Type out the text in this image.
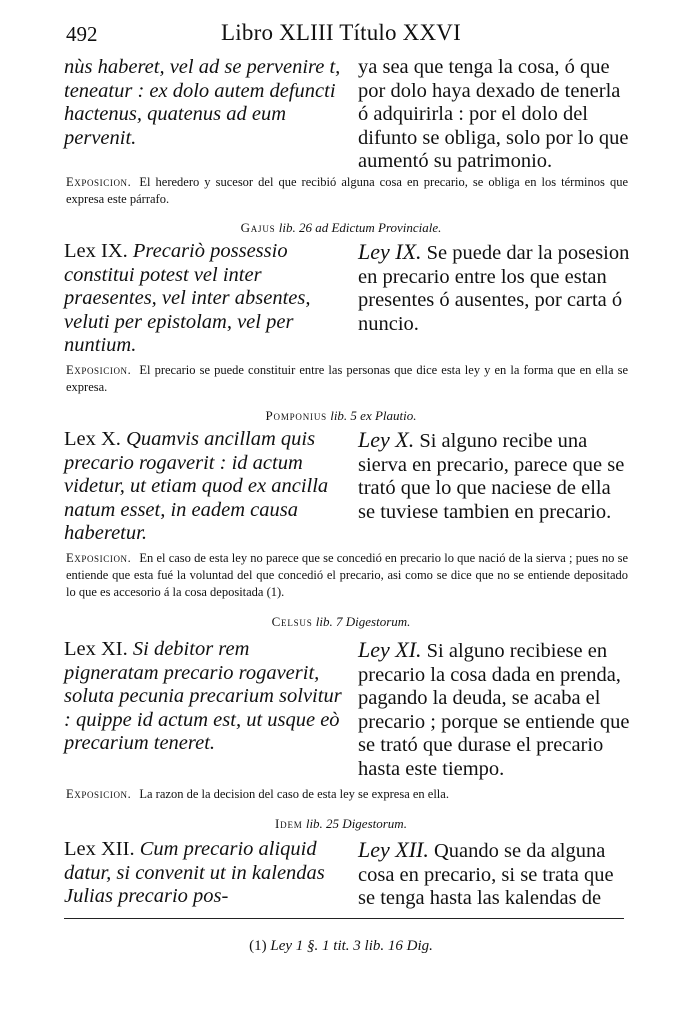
492	Libro XLIII Título XXVI
nùs haberet, vel ad se pervenire t, teneatur : ex dolo autem defuncti hactenus, quatenus ad eum pervenit.
ya sea que tenga la cosa, ó que por dolo haya dexado de tenerla ó adquirirla : por el dolo del difunto se obliga, solo por lo que aumentó su patrimonio.
Exposicion. El heredero y sucesor del que recibió alguna cosa en precario, se obliga en los términos que expresa este párrafo.
Gajus lib. 26 ad Edictum Provinciale.
Lex IX. Precariò possessio constitui potest vel inter praesentes, vel inter absentes, veluti per epistolam, vel per nuntium.
Ley IX. Se puede dar la posesion en precario entre los que estan presentes ó ausentes, por carta ó nuncio.
Exposicion. El precario se puede constituir entre las personas que dice esta ley y en la forma que en ella se expresa.
Pomponius lib. 5 ex Plautio.
Lex X. Quamvis ancillam quis precario rogaverit : id actum videtur, ut etiam quod ex ancilla natum esset, in eadem causa haberetur.
Ley X. Si alguno recibe una sierva en precario, parece que se trató que lo que naciese de ella se tuviese tambien en precario.
Exposicion. En el caso de esta ley no parece que se concedió en precario lo que nació de la sierva ; pues no se entiende que esta fué la voluntad del que concedió el precario, asi como se dice que no se entiende depositado lo que es accesorio á la cosa depositada (1).
Celsus lib. 7 Digestorum.
Lex XI. Si debitor rem pigneratam precario rogaverit, soluta pecunia precarium solvitur : quippe id actum est, ut usque eò precarium teneret.
Ley XI. Si alguno recibiese en precario la cosa dada en prenda, pagando la deuda, se acaba el precario ; porque se entiende que se trató que durase el precario hasta este tiempo.
Exposicion. La razon de la decision del caso de esta ley se expresa en ella.
Idem lib. 25 Digestorum.
Lex XII. Cum precario aliquid datur, si convenit ut in kalendas Julias precario pos-
Ley XII. Quando se da alguna cosa en precario, si se trata que se tenga hasta las kalendas de
(1) Ley 1 §. 1 tit. 3 lib. 16 Dig.
